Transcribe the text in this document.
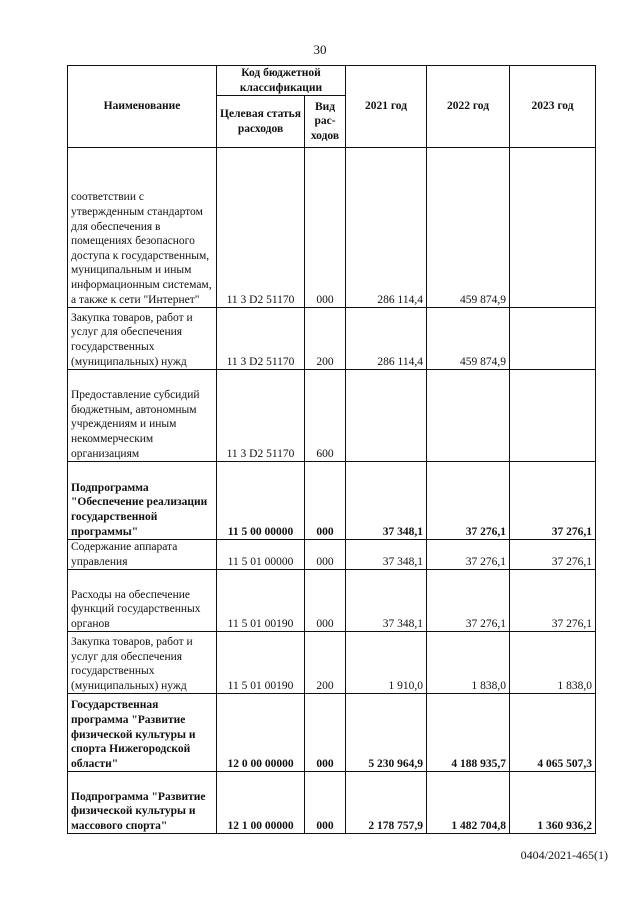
30
Наименование	Код бюджетной классификации		2021 год	2022 год	2023 год
	Целевая статья расходов	Вид рас-ходов			
соответствии с утвержденным стандартом для обеспечения в помещениях безопасного доступа к государственным, муниципальным и иным информационным системам, а также к сети "Интернет"	11 3 D2 51170	000	286 114,4	459 874,9	
Закупка товаров, работ и услуг для обеспечения государственных (муниципальных) нужд	11 3 D2 51170	200	286 114,4	459 874,9	
Предоставление субсидий бюджетным, автономным учреждениям и иным некоммерческим организациям	11 3 D2 51170	600			
Подпрограмма "Обеспечение реализации государственной программы"	11 5 00 00000	000	37 348,1	37 276,1	37 276,1
Содержание аппарата управления	11 5 01 00000	000	37 348,1	37 276,1	37 276,1
Расходы на обеспечение функций государственных органов	11 5 01 00190	000	37 348,1	37 276,1	37 276,1
Закупка товаров, работ и услуг для обеспечения государственных (муниципальных) нужд	11 5 01 00190	200	1 910,0	1 838,0	1 838,0
Государственная программа "Развитие физической культуры и спорта Нижегородской области"	12 0 00 00000	000	5 230 964,9	4 188 935,7	4 065 507,3
Подпрограмма "Развитие физической культуры и массового спорта"	12 1 00 00000	000	2 178 757,9	1 482 704,8	1 360 936,2
0404/2021-465(1)
